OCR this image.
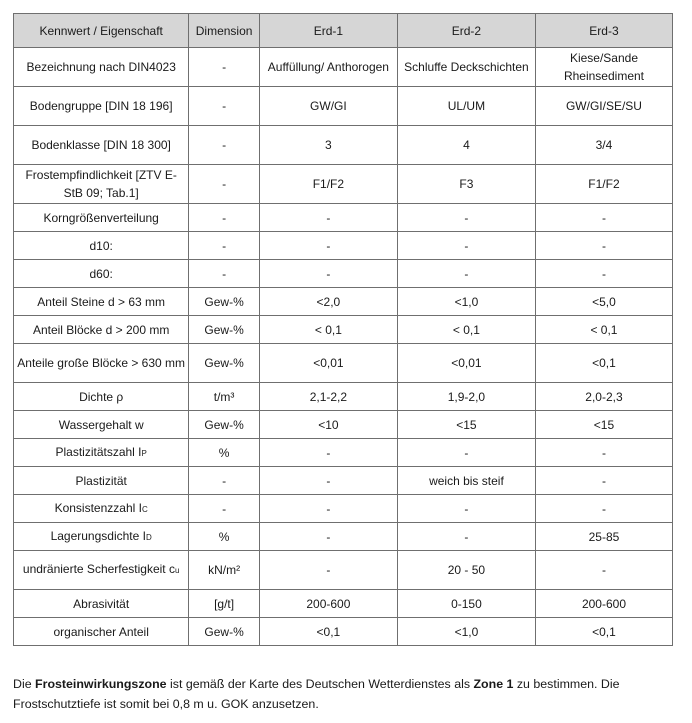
Kennwert / Eigenschaft	Dimension	Erd-1	Erd-2	Erd-3
Bezeichnung nach DIN4023	-	Auffüllung/ Anthorogen	Schluffe Deckschichten	Kiese/Sande Rheinsediment
Bodengruppe [DIN 18 196]	-	GW/GI	UL/UM	GW/GI/SE/SU
Bodenklasse [DIN 18 300]	-	3	4	3/4
Frostempfindlichkeit [ZTV E-StB 09; Tab.1]	-	F1/F2	F3	F1/F2
Korngrößenverteilung	-	-	-	-
d10:	-	-	-	-
d60:	-	-	-	-
Anteil Steine d > 63 mm	Gew-%	<2,0	<1,0	<5,0
Anteil Blöcke d > 200 mm	Gew-%	< 0,1	< 0,1	< 0,1
Anteile große Blöcke > 630 mm	Gew-%	<0,01	<0,01	<0,1
Dichte ρ	t/m³	2,1-2,2	1,9-2,0	2,0-2,3
Wassergehalt w	Gew-%	<10	<15	<15
Plastizitätszahl IP	%	-	-	-
Plastizität	-	-	weich bis steif	-
Konsistenzzahl IC	-	-	-	-
Lagerungsdichte ID	%	-	-	25-85
undränierte Scherfestigkeit cu	kN/m²	-	20 - 50	-
Abrasivität	[g/t]	200-600	0-150	200-600
organischer Anteil	Gew-%	<0,1	<1,0	<0,1
Die Frosteinwirkungszone ist gemäß der Karte des Deutschen Wetterdienstes als Zone 1 zu bestimmen. Die Frostschutztiefe ist somit bei 0,8 m u. GOK anzusetzen.
